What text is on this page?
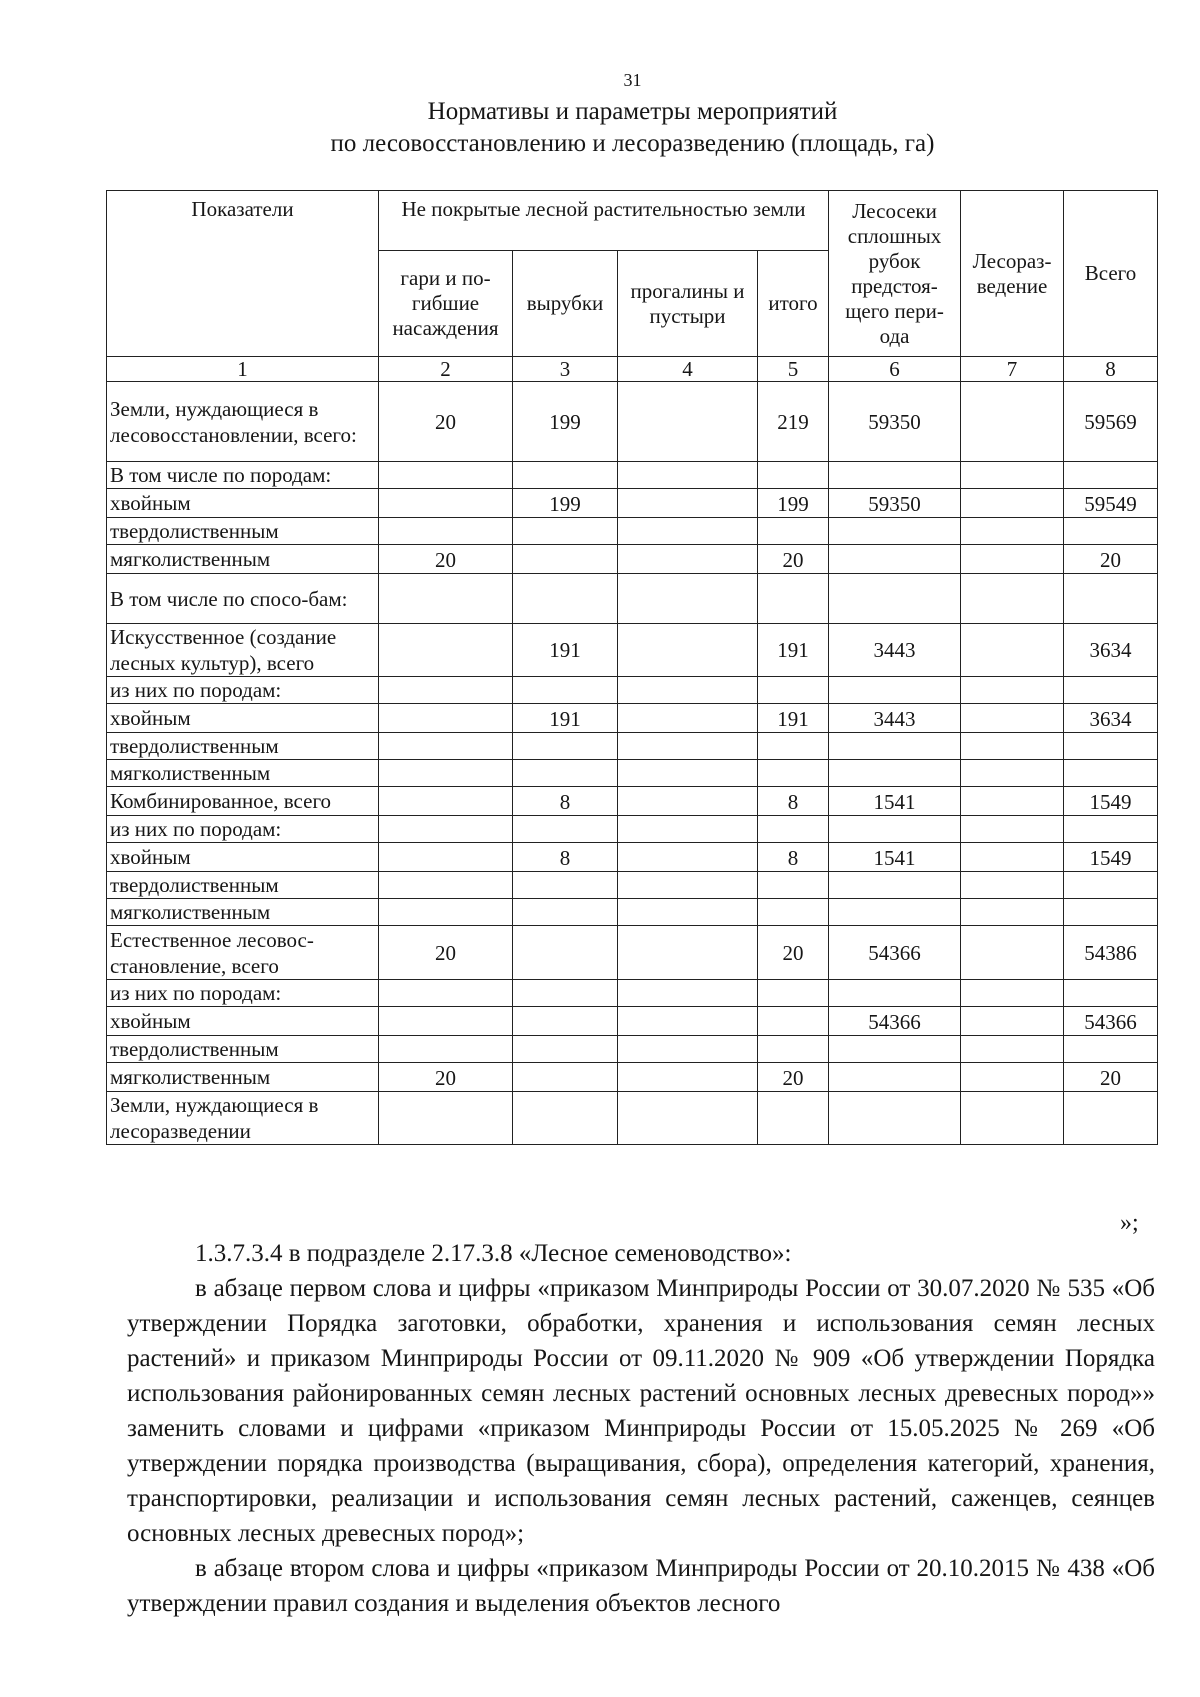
31
Нормативы и параметры мероприятий
по лесовосстановлению и лесоразведению (площадь, га)
Показатели	Не покрытые лесной растительностью земли				Лесосеки сплошных рубок предстоя-щего пери-ода	Лесораз-ведение	Всего
	гари и по-гибшие насаждения	вырубки	прогалины и пустыри	итого			
1	2	3	4	5	6	7	8
Земли, нуждающиеся в лесовосстановлении, всего:	20	199		219	59350		59569
В том числе по породам:							
хвойным		199		199	59350		59549
твердолиственным							
мягколиственным	20			20			20
В том числе по спосо-бам:							
Искусственное (создание лесных культур), всего		191		191	3443		3634
из них по породам:							
хвойным		191		191	3443		3634
твердолиственным							
мягколиственным							
Комбинированное, всего		8		8	1541		1549
из них по породам:							
хвойным		8		8	1541		1549
твердолиственным							
мягколиственным							
Естественное лесовос-становление, всего	20			20	54366		54386
из них по породам:							
хвойным					54366		54366
твердолиственным							
мягколиственным	20			20			20
Земли, нуждающиеся в лесоразведении							
»;

1.3.7.3.4 в подразделе 2.17.3.8 «Лесное семеноводство»:

в абзаце первом слова и цифры «приказом Минприроды России от 30.07.2020 № 535 «Об утверждении Порядка заготовки, обработки, хранения и использования семян лесных растений» и приказом Минприроды России от 09.11.2020 № 909 «Об утверждении Порядка использования районированных семян лесных растений основных лесных древесных пород»» заменить словами и цифрами «приказом Минприроды России от 15.05.2025 № 269 «Об утверждении порядка производства (выращивания, сбора), определения категорий, хранения, транспортировки, реализации и использования семян лесных растений, саженцев, сеянцев основных лесных древесных пород»;

в абзаце втором слова и цифры «приказом Минприроды России от 20.10.2015 № 438 «Об утверждении правил создания и выделения объектов лесного
